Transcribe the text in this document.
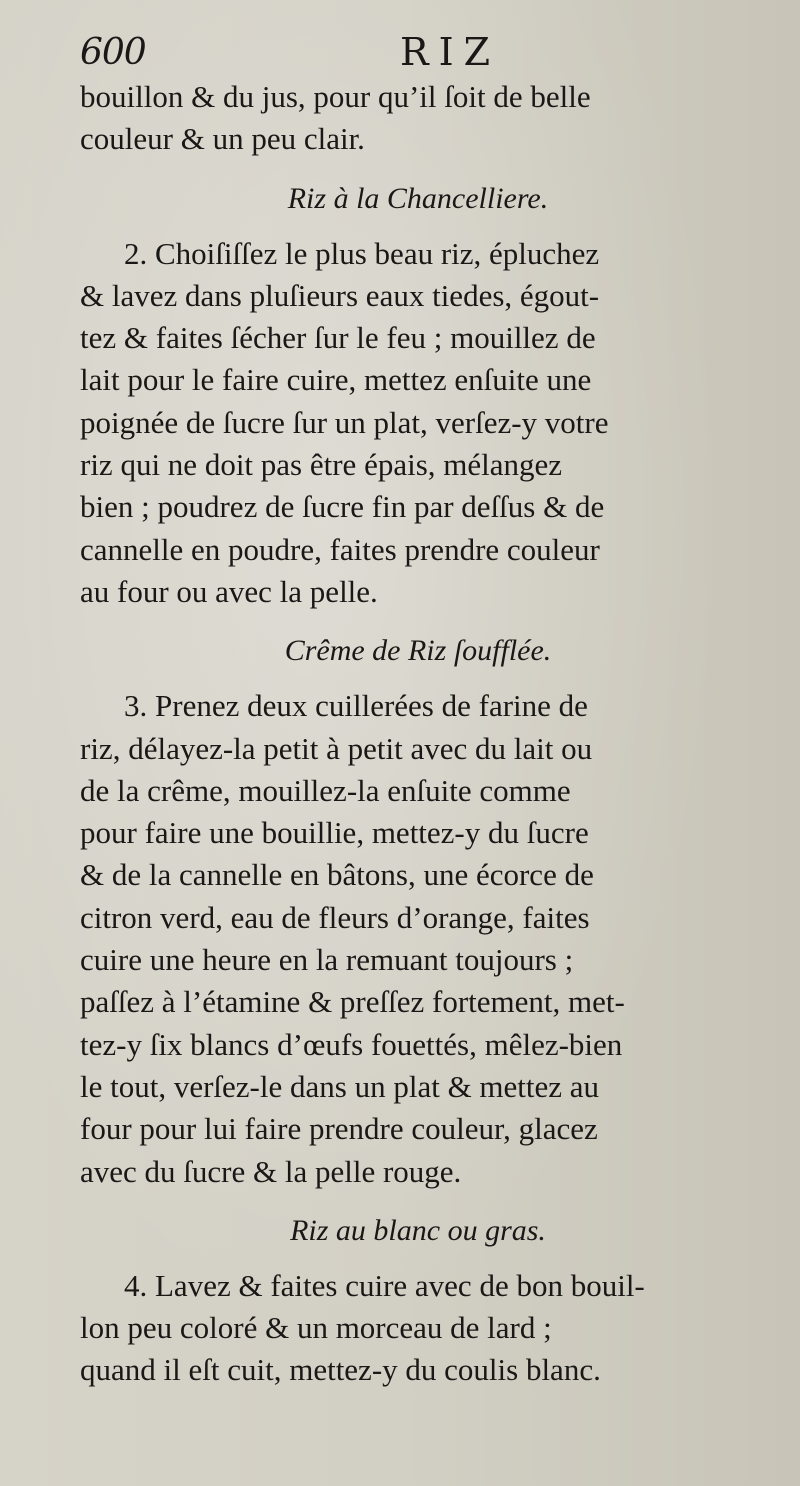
600	RIZ
bouillon & du jus, pour qu’il ſoit de belle
couleur & un peu clair.
Riz à la Chancelliere.
2. Choiſiſſez le plus beau riz, épluchez
& lavez dans pluſieurs eaux tiedes, égout-
tez & faites ſécher ſur le feu ; mouillez de
lait pour le faire cuire, mettez enſuite une
poignée de ſucre ſur un plat, verſez-y votre
riz qui ne doit pas être épais, mélangez
bien ; poudrez de ſucre fin par deſſus & de
cannelle en poudre, faites prendre couleur
au four ou avec la pelle.
Crême de Riz ſoufflée.
3. Prenez deux cuillerées de farine de
riz, délayez-la petit à petit avec du lait ou
de la crême, mouillez-la enſuite comme
pour faire une bouillie, mettez-y du ſucre
& de la cannelle en bâtons, une écorce de
citron verd, eau de fleurs d’orange, faites
cuire une heure en la remuant toujours ;
paſſez à l’étamine & preſſez fortement, met-
tez-y ſix blancs d’œufs fouettés, mêlez-bien
le tout, verſez-le dans un plat & mettez au
four pour lui faire prendre couleur, glacez
avec du ſucre & la pelle rouge.
Riz au blanc ou gras.
4. Lavez & faites cuire avec de bon bouil-
lon peu coloré & un morceau de lard ;
quand il eſt cuit, mettez-y du coulis blanc.
